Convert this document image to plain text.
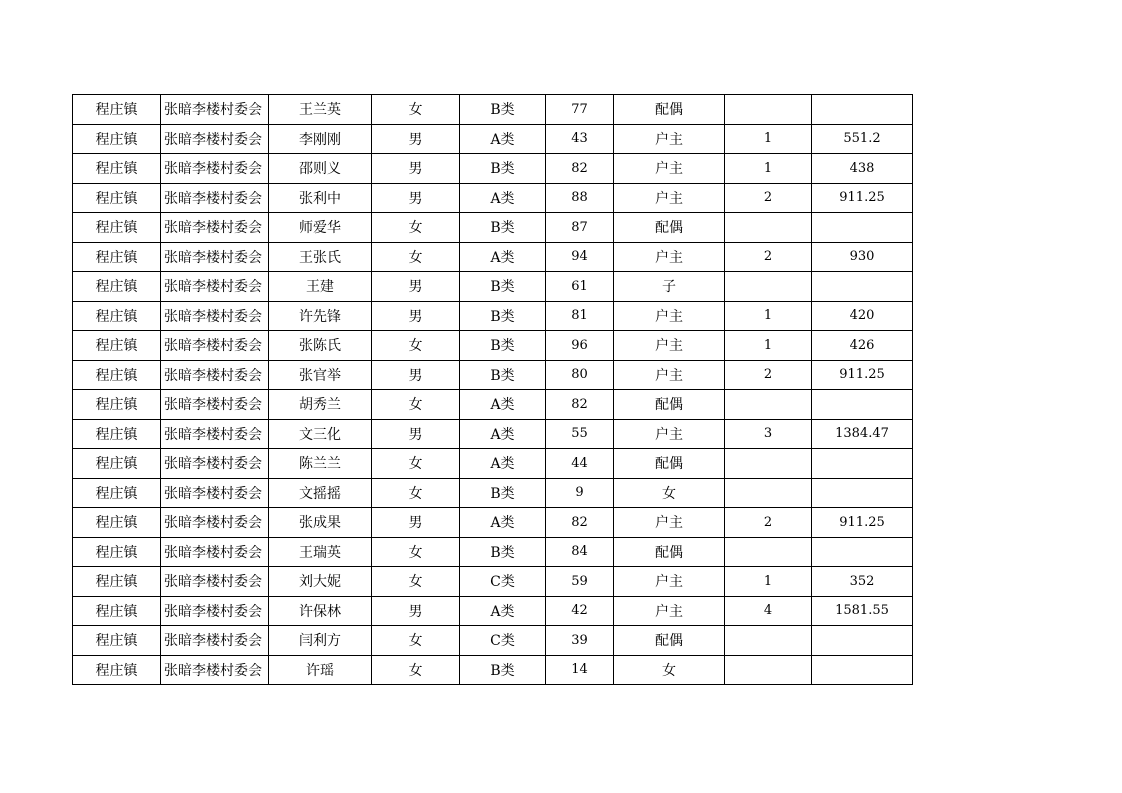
程庄镇	张暗李楼村委会	王兰英	女	B类	77	配偶		
程庄镇	张暗李楼村委会	李刚刚	男	A类	43	户主	1	551.2
程庄镇	张暗李楼村委会	邵则义	男	B类	82	户主	1	438
程庄镇	张暗李楼村委会	张利中	男	A类	88	户主	2	911.25
程庄镇	张暗李楼村委会	师爱华	女	B类	87	配偶		
程庄镇	张暗李楼村委会	王张氏	女	A类	94	户主	2	930
程庄镇	张暗李楼村委会	王建	男	B类	61	子		
程庄镇	张暗李楼村委会	许先锋	男	B类	81	户主	1	420
程庄镇	张暗李楼村委会	张陈氏	女	B类	96	户主	1	426
程庄镇	张暗李楼村委会	张官举	男	B类	80	户主	2	911.25
程庄镇	张暗李楼村委会	胡秀兰	女	A类	82	配偶		
程庄镇	张暗李楼村委会	文三化	男	A类	55	户主	3	1384.47
程庄镇	张暗李楼村委会	陈兰兰	女	A类	44	配偶		
程庄镇	张暗李楼村委会	文摇摇	女	B类	9	女		
程庄镇	张暗李楼村委会	张成果	男	A类	82	户主	2	911.25
程庄镇	张暗李楼村委会	王瑞英	女	B类	84	配偶		
程庄镇	张暗李楼村委会	刘大妮	女	C类	59	户主	1	352
程庄镇	张暗李楼村委会	许保林	男	A类	42	户主	4	1581.55
程庄镇	张暗李楼村委会	闫利方	女	C类	39	配偶		
程庄镇	张暗李楼村委会	许瑶	女	B类	14	女		
